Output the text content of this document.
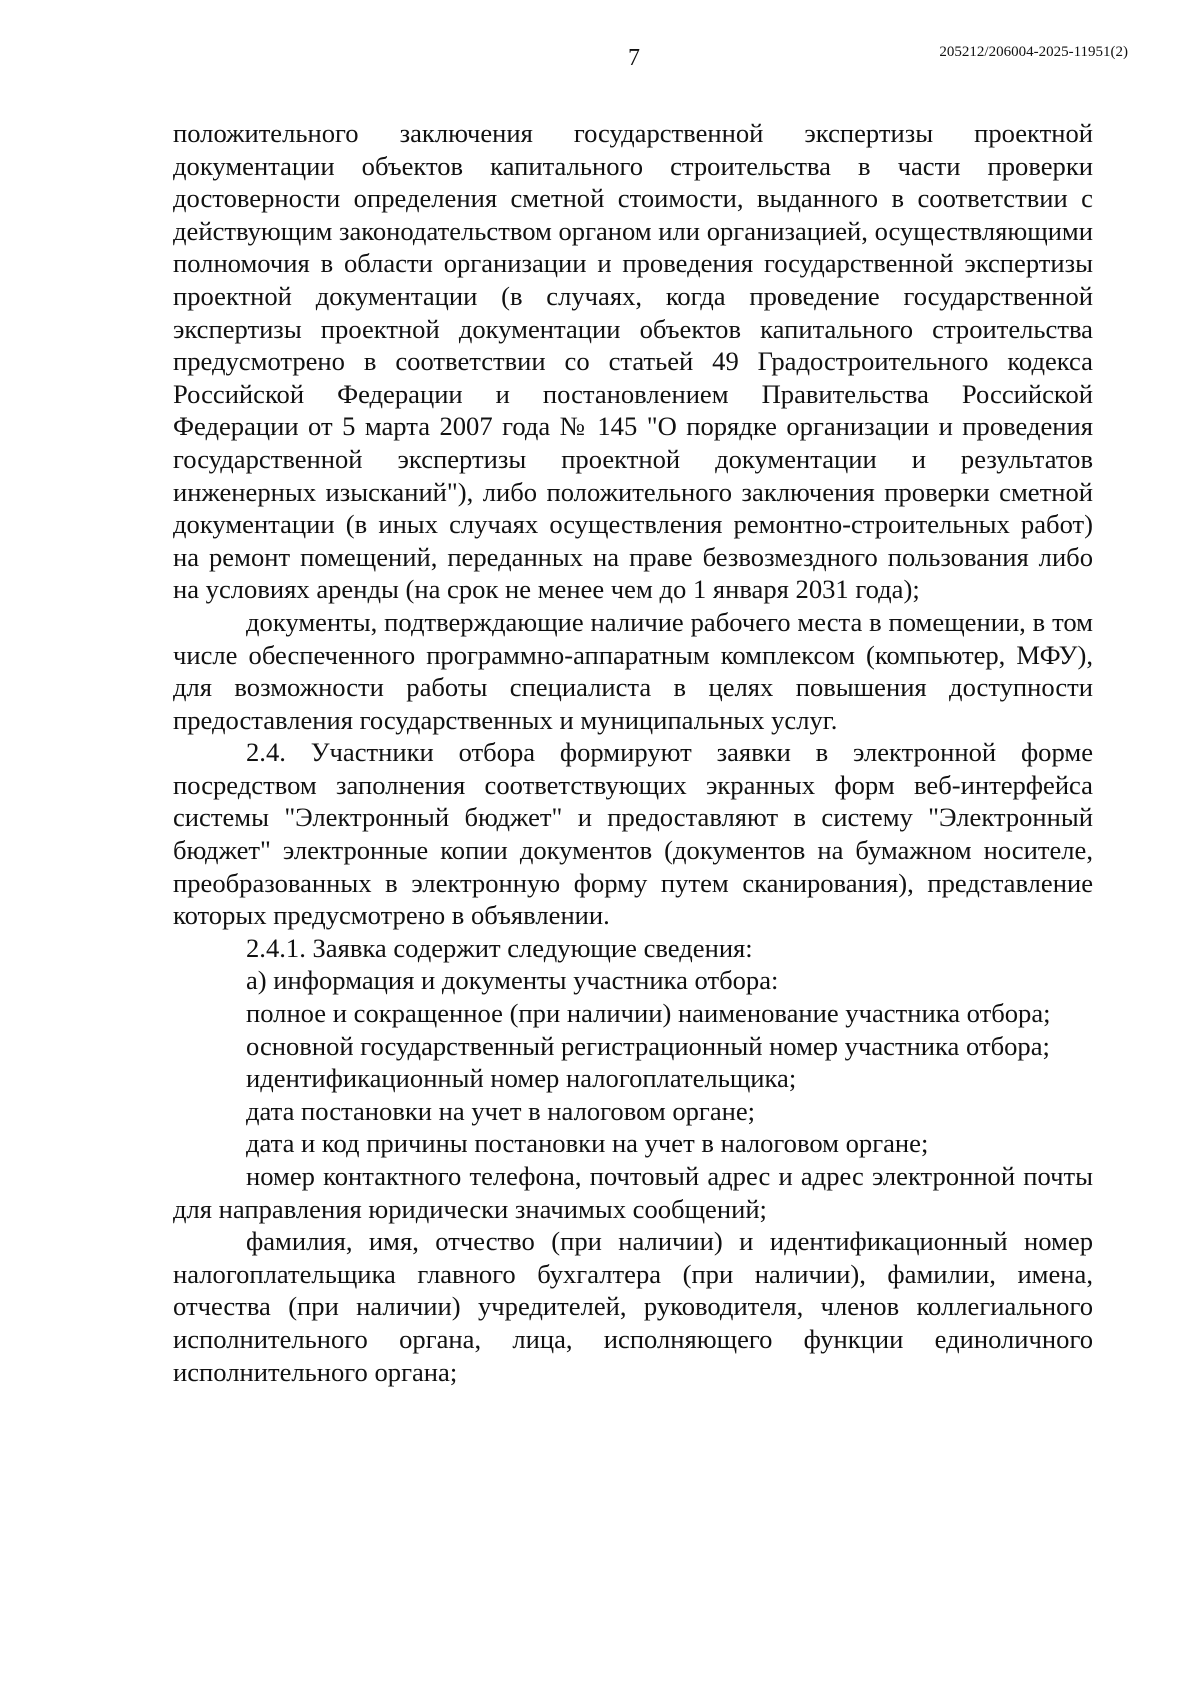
7	205212/206004-2025-11951(2)

положительного заключения государственной экспертизы проектной документации объектов капитального строительства в части проверки достоверности определения сметной стоимости, выданного в соответствии с действующим законодательством органом или организацией, осуществляющими полномочия в области организации и проведения государственной экспертизы проектной документации (в случаях, когда проведение государственной экспертизы проектной документации объектов капитального строительства предусмотрено в соответствии со статьей 49 Градостроительного кодекса Российской Федерации и постановлением Правительства Российской Федерации от 5 марта 2007 года № 145 "О порядке организации и проведения государственной экспертизы проектной документации и результатов инженерных изысканий"), либо положительного заключения проверки сметной документации (в иных случаях осуществления ремонтно-строительных работ) на ремонт помещений, переданных на праве безвозмездного пользования либо на условиях аренды (на срок не менее чем до 1 января 2031 года);

документы, подтверждающие наличие рабочего места в помещении, в том числе обеспеченного программно-аппаратным комплексом (компьютер, МФУ), для возможности работы специалиста в целях повышения доступности предоставления государственных и муниципальных услуг.

2.4. Участники отбора формируют заявки в электронной форме посредством заполнения соответствующих экранных форм веб-интерфейса системы "Электронный бюджет" и предоставляют в систему "Электронный бюджет" электронные копии документов (документов на бумажном носителе, преобразованных в электронную форму путем сканирования), представление которых предусмотрено в объявлении.

2.4.1. Заявка содержит следующие сведения:

а) информация и документы участника отбора:

полное и сокращенное (при наличии) наименование участника отбора;

основной государственный регистрационный номер участника отбора;

идентификационный номер налогоплательщика;

дата постановки на учет в налоговом органе;

дата и код причины постановки на учет в налоговом органе;

номер контактного телефона, почтовый адрес и адрес электронной почты для направления юридически значимых сообщений;

фамилия, имя, отчество (при наличии) и идентификационный номер налогоплательщика главного бухгалтера (при наличии), фамилии, имена, отчества (при наличии) учредителей, руководителя, членов коллегиального исполнительного органа, лица, исполняющего функции единоличного исполнительного органа;
